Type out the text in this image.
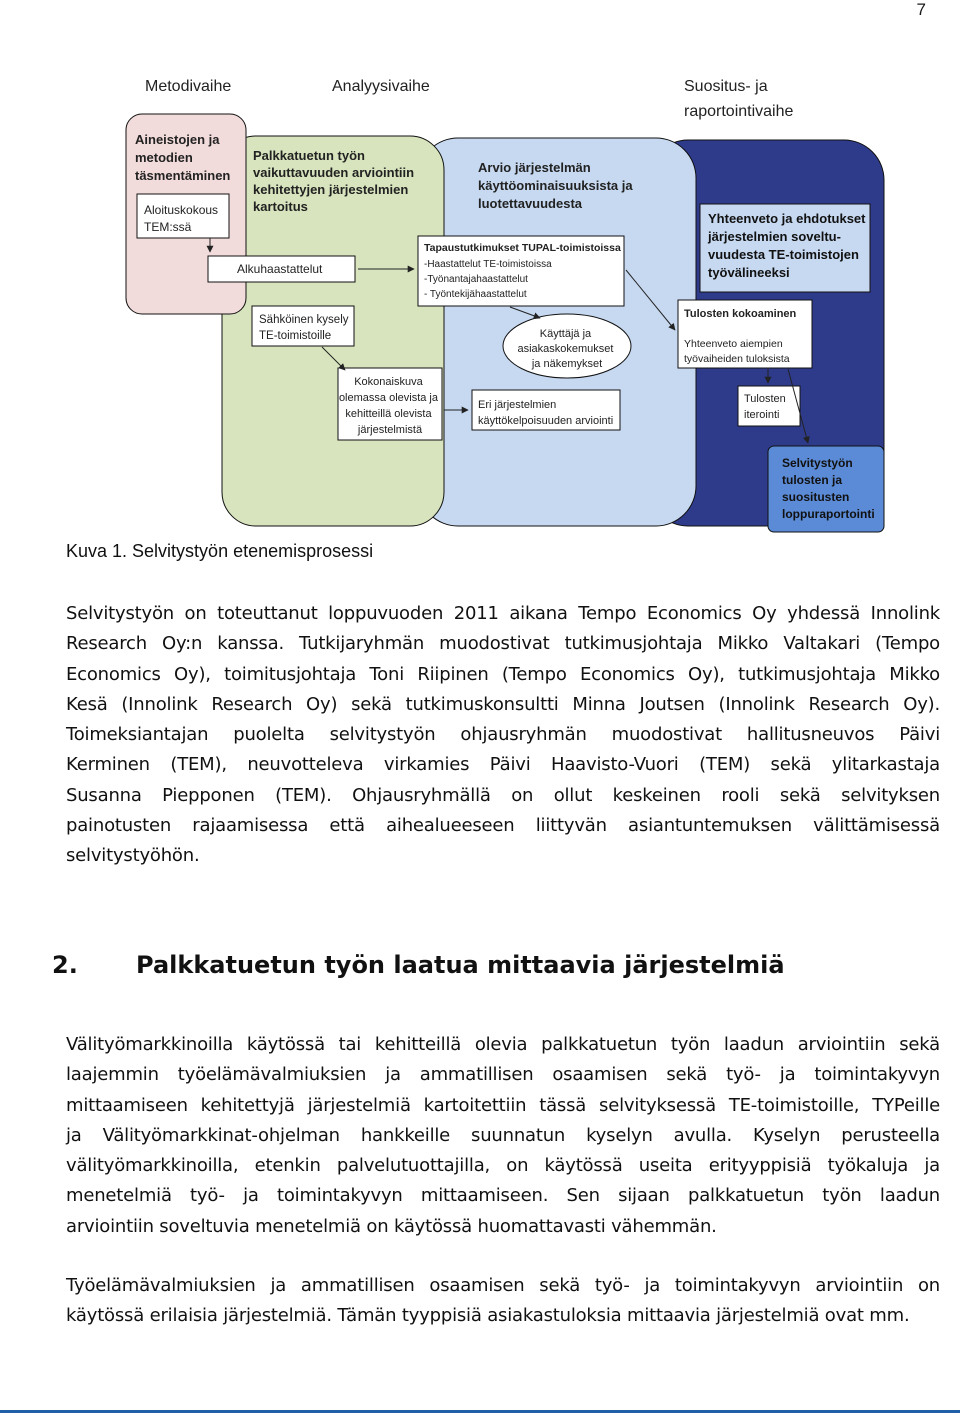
7
Metodivaihe	Analyysivaihe	Suositus- ja
raportointivaihe
Aineistojen ja metodien täsmentäminen
Aloituskokous TEM:ssä
Palkkatuetun työn vaikuttavuuden arviointiin kehitettyjen järjestelmien kartoitus
Alkuhaastattelut
Sähköinen kysely TE-toimistoille
Kokonaiskuva olemassa olevista ja kehitteillä olevista järjestelmistä
Arvio järjestelmän käyttöominaisuuksista ja luotettavuudesta
Tapaustutkimukset TUPAL-toimistoissa
-Haastattelut TE-toimistoissa -Työnantajahaastattelut - Työntekijähaastattelut
Käyttäjä ja asiakaskokemukset ja näkemykset
Eri järjestelmien käyttökelpoisuuden arviointi
Yhteenveto ja ehdotukset järjestelmien soveltu- vuudesta TE-toimistojen työvälineeksi
Tulosten kokoaminen
Yhteenveto aiempien työvaiheiden tuloksista
Tulosten iterointi
Selvitystyön tulosten ja suositusten loppuraportointi
Kuva 1. Selvitystyön etenemisprosessi
Selvitystyön on toteuttanut loppuvuoden 2011 aikana Tempo Economics Oy yhdessä Innolink
Research Oy:n kanssa. Tutkijaryhmän muodostivat tutkimusjohtaja Mikko Valtakari (Tempo
Economics Oy), toimitusjohtaja Toni Riipinen (Tempo Economics Oy), tutkimusjohtaja Mikko
Kesä (Innolink Research Oy) sekä tutkimuskonsultti Minna Joutsen (Innolink Research Oy).
Toimeksiantajan puolelta selvitystyön ohjausryhmän muodostivat hallitusneuvos Päivi
Kerminen (TEM), neuvotteleva virkamies Päivi Haavisto-Vuori (TEM) sekä ylitarkastaja
Susanna Piepponen (TEM). Ohjausryhmällä on ollut keskeinen rooli sekä selvityksen
painotusten rajaamisessa että aihealueeseen liittyvän asiantuntemuksen välittämisessä
selvitystyöhön.
2. Palkkatuetun työn laatua mittaavia järjestelmiä
Välityömarkkinoilla käytössä tai kehitteillä olevia palkkatuetun työn laadun arviointiin sekä
laajemmin työelämävalmiuksien ja ammatillisen osaamisen sekä työ- ja toimintakyvyn
mittaamiseen kehitettyjä järjestelmiä kartoitettiin tässä selvityksessä TE-toimistoille, TYPeille
ja Välityömarkkinat-ohjelman hankkeille suunnatun kyselyn avulla. Kyselyn perusteella
välityömarkkinoilla, etenkin palvelutuottajilla, on käytössä useita erityyppisiä työkaluja ja
menetelmiä työ- ja toimintakyvyn mittaamiseen. Sen sijaan palkkatuetun työn laadun
arviointiin soveltuvia menetelmiä on käytössä huomattavasti vähemmän.
Työelämävalmiuksien ja ammatillisen osaamisen sekä työ- ja toimintakyvyn arviointiin on
käytössä erilaisia järjestelmiä. Tämän tyyppisiä asiakastuloksia mittaavia järjestelmiä ovat mm.
